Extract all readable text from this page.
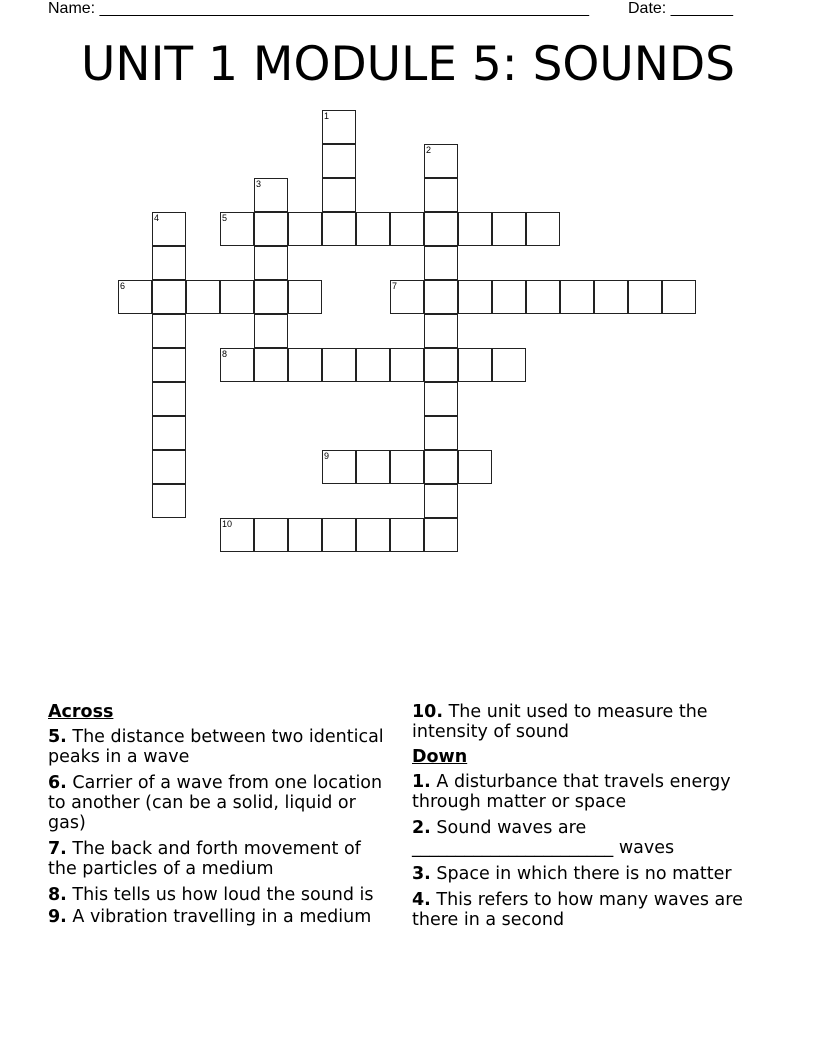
Name: _______________________________________________________ Date: _______
UNIT 1 MODULE 5: SOUNDS
5
6	7
8
9
10
1
2
3
4
Across
5. The distance between two identical peaks in a wave
6. Carrier of a wave from one location to another (can be a solid, liquid or gas)
7. The back and forth movement of the particles of a medium
8. This tells us how loud the sound is
9. A vibration travelling in a medium
10. The unit used to measure the intensity of sound
Down
1. A disturbance that travels energy through matter or space
2. Sound waves are _______________________ waves
3. Space in which there is no matter
4. This refers to how many waves are there in a second
